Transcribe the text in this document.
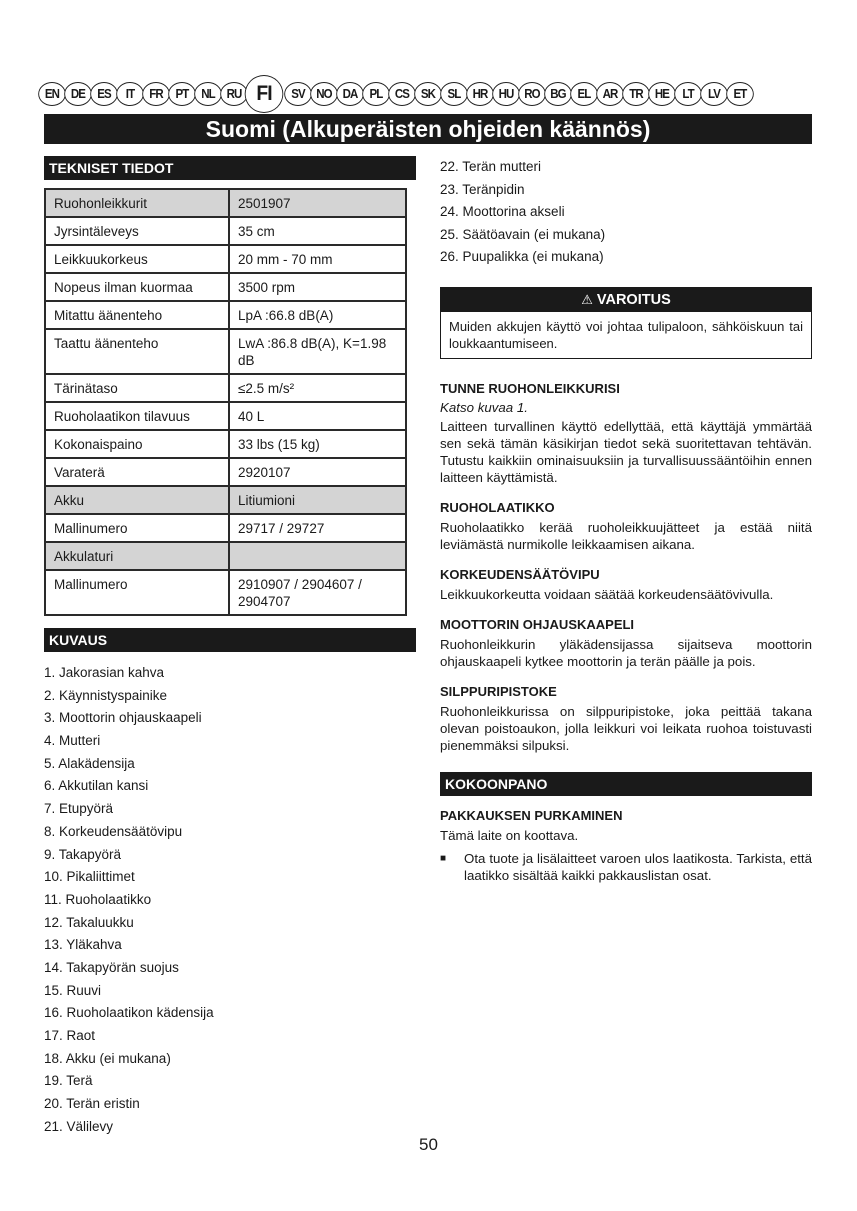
EN DE ES	IT	FR	PT	NL RU FI	SV NO DA PL	CS SK SL HR HU RO BG EL AR TR HE	LT	LV	ET
Suomi (Alkuperäisten ohjeiden käännös)
TEKNISET TIEDOT
Ruohonleikkurit	2501907
Jyrsintäleveys	35 cm
Leikkuukorkeus	20 mm - 70 mm
Nopeus ilman kuormaa	3500 rpm
Mitattu äänenteho	LpA :66.8 dB(A)
Taattu äänenteho	LwA :86.8 dB(A), K=1.98 dB
Tärinätaso	≤2.5 m/s²
Ruoholaatikon tilavuus	40 L
Kokonaispaino	33 lbs (15 kg)
Varaterä	2920107
Akku	Litiumioni
Mallinumero	29717 / 29727
Akkulaturi	
Mallinumero	2910907 / 2904607 / 2904707
KUVAUS
1. Jakorasian kahva
2. Käynnistyspainike
3. Moottorin ohjauskaapeli
4. Mutteri
5. Alakädensija
6. Akkutilan kansi
7. Etupyörä
8. Korkeudensäätövipu
9. Takapyörä
10. Pikaliittimet
11. Ruoholaatikko
12. Takaluukku
13. Yläkahva
14. Takapyörän suojus
15. Ruuvi
16. Ruoholaatikon kädensija
17. Raot
18. Akku (ei mukana)
19. Terä
20. Terän eristin
21. Välilevy
22. Terän mutteri
23. Teränpidin
24. Moottorina akseli
25. Säätöavain (ei mukana)
26. Puupalikka (ei mukana)
⚠ VAROITUS
Muiden akkujen käyttö voi johtaa tulipaloon, sähköiskuun tai loukkaantumiseen.
TUNNE RUOHONLEIKKURISI
Katso kuvaa 1.
Laitteen turvallinen käyttö edellyttää, että käyttäjä ymmärtää sen sekä tämän käsikirjan tiedot sekä suoritettavan tehtävän. Tutustu kaikkiin ominaisuuksiin ja turvallisuussääntöihin ennen laitteen käyttämistä.
RUOHOLAATIKKO
Ruoholaatikko kerää ruoholeikkuujätteet ja estää niitä leviämästä nurmikolle leikkaamisen aikana.
KORKEUDENSÄÄTÖVIPU
Leikkuukorkeutta voidaan säätää korkeudensäätövivulla.
MOOTTORIN OHJAUSKAAPELI
Ruohonleikkurin yläkädensijassa sijaitseva moottorin ohjauskaapeli kytkee moottorin ja terän päälle ja pois.
SILPPURIPISTOKE
Ruohonleikkurissa on silppuripistoke, joka peittää takana olevan poistoaukon, jolla leikkuri voi leikata ruohoa toistuvasti pienemmäksi silpuksi.
KOKOONPANO
PAKKAUKSEN PURKAMINEN
Tämä laite on koottava.
■	Ota tuote ja lisälaitteet varoen ulos laatikosta. Tarkista, että laatikko sisältää kaikki pakkauslistan osat.
50
